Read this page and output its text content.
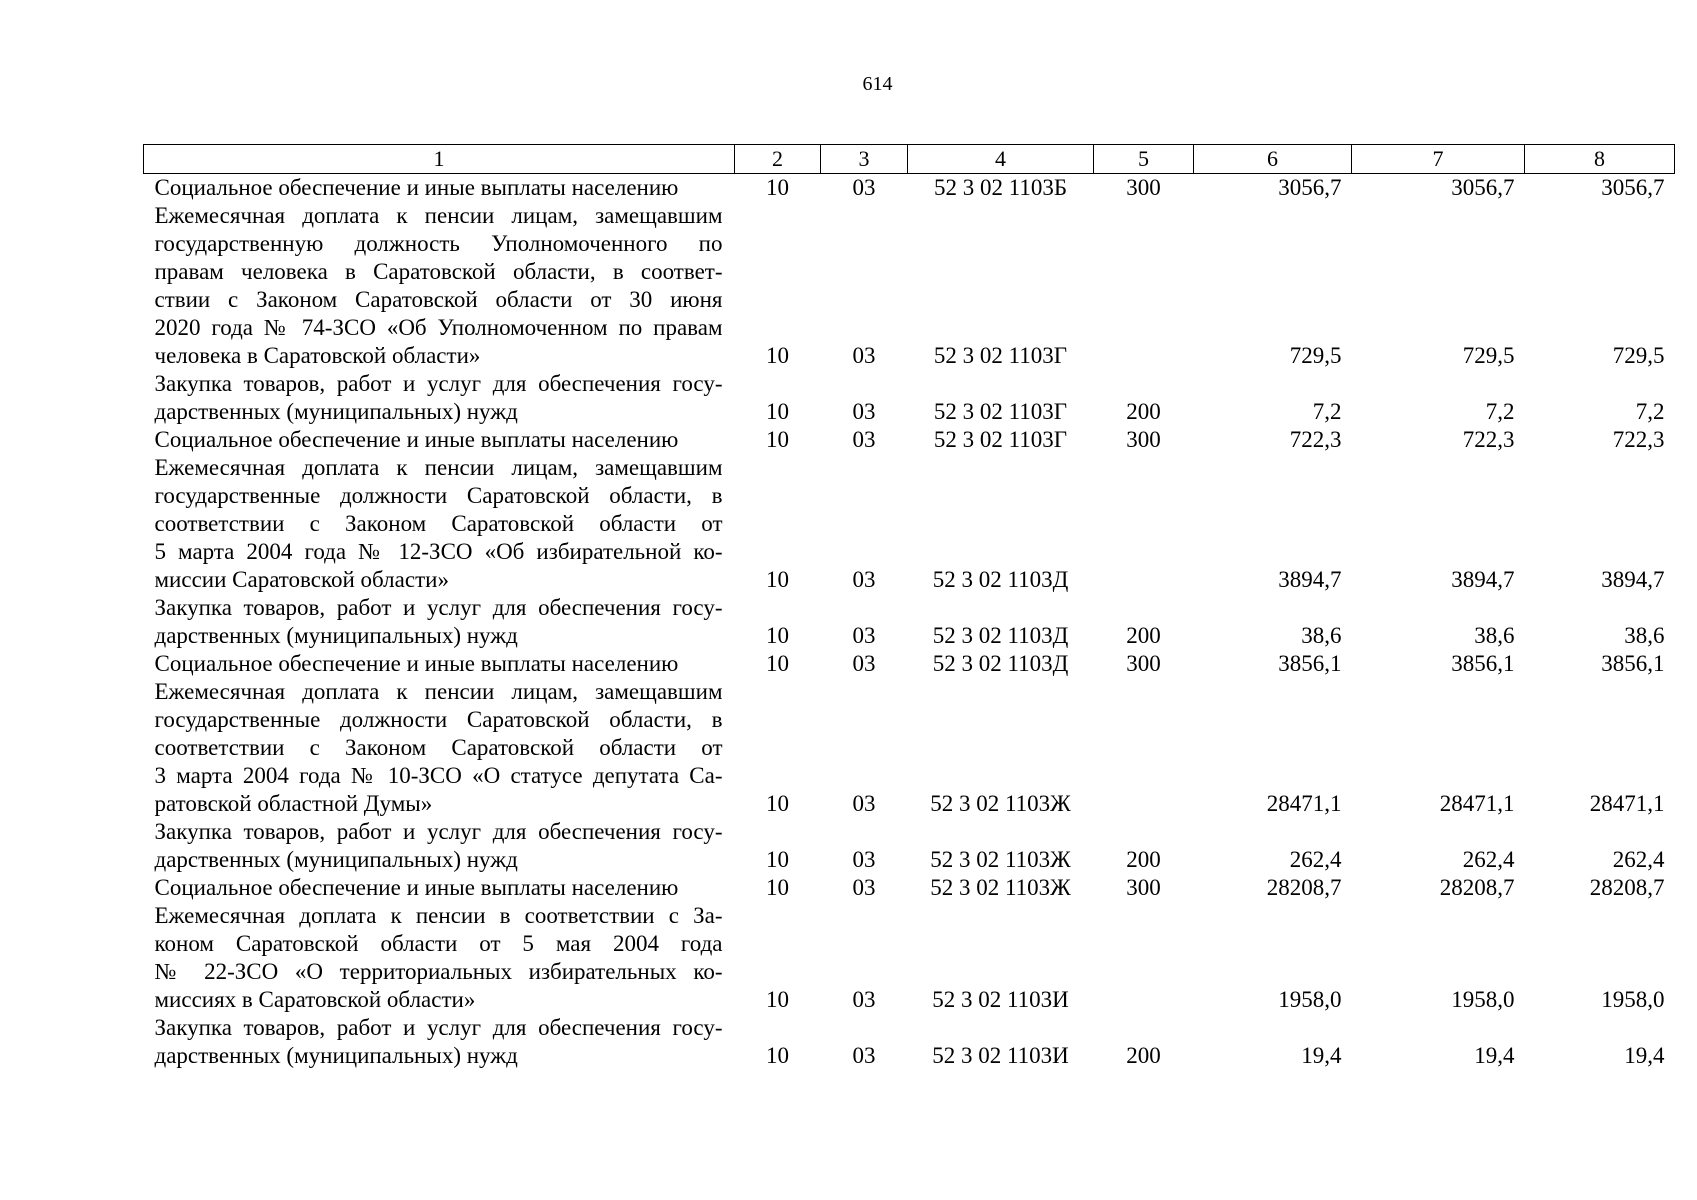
614
1	2	3	4	5	6	7	8
Социальное обеспечение и иные выплаты населению	10	03	52 3 02 1103Б	300	3056,7	3056,7	3056,7
Ежемесячная доплата к пенсии лицам, замещавшим							
государственную должность Уполномоченного по							
правам человека в Саратовской области, в соответ-							
ствии с Законом Саратовской области от 30 июня							
2020 года № 74-ЗСО «Об Уполномоченном по правам							
человека в Саратовской области»	10	03	52 3 02 1103Г		729,5	729,5	729,5
Закупка товаров, работ и услуг для обеспечения госу-							
дарственных (муниципальных) нужд	10	03	52 3 02 1103Г	200	7,2	7,2	7,2
Социальное обеспечение и иные выплаты населению	10	03	52 3 02 1103Г	300	722,3	722,3	722,3
Ежемесячная доплата к пенсии лицам, замещавшим							
государственные должности Саратовской области, в							
соответствии с Законом Саратовской области от							
5 марта 2004 года № 12-ЗСО «Об избирательной ко-							
миссии Саратовской области»	10	03	52 3 02 1103Д		3894,7	3894,7	3894,7
Закупка товаров, работ и услуг для обеспечения госу-							
дарственных (муниципальных) нужд	10	03	52 3 02 1103Д	200	38,6	38,6	38,6
Социальное обеспечение и иные выплаты населению	10	03	52 3 02 1103Д	300	3856,1	3856,1	3856,1
Ежемесячная доплата к пенсии лицам, замещавшим							
государственные должности Саратовской области, в							
соответствии с Законом Саратовской области от							
3 марта 2004 года № 10-ЗСО «О статусе депутата Са-							
ратовской областной Думы»	10	03	52 3 02 1103Ж		28471,1	28471,1	28471,1
Закупка товаров, работ и услуг для обеспечения госу-							
дарственных (муниципальных) нужд	10	03	52 3 02 1103Ж	200	262,4	262,4	262,4
Социальное обеспечение и иные выплаты населению	10	03	52 3 02 1103Ж	300	28208,7	28208,7	28208,7
Ежемесячная доплата к пенсии в соответствии с За-							
коном Саратовской области от 5 мая 2004 года							
№ 22-ЗСО «О территориальных избирательных ко-							
миссиях в Саратовской области»	10	03	52 3 02 1103И		1958,0	1958,0	1958,0
Закупка товаров, работ и услуг для обеспечения госу-							
дарственных (муниципальных) нужд	10	03	52 3 02 1103И	200	19,4	19,4	19,4
